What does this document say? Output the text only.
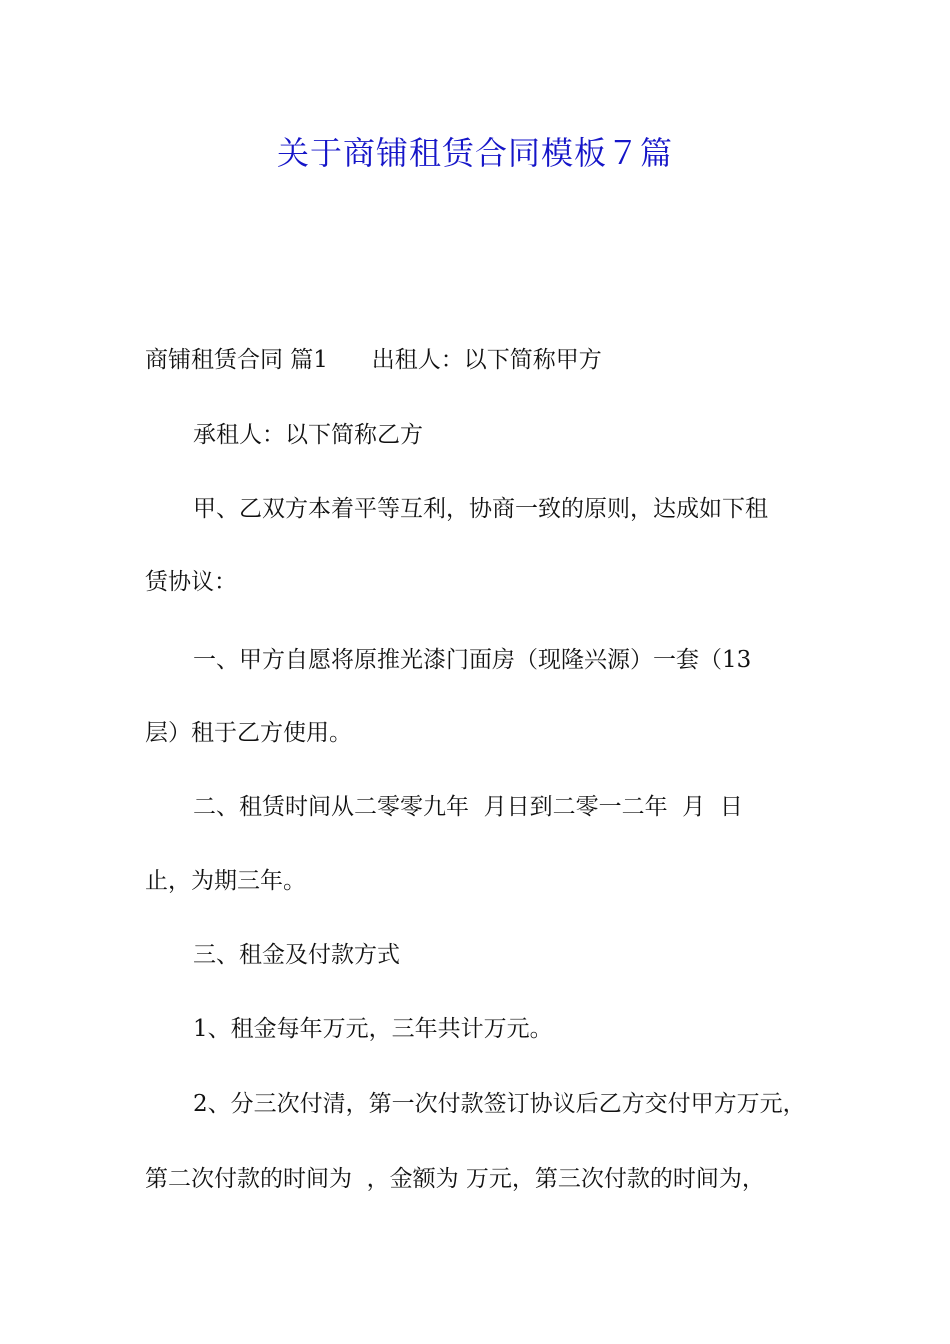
关于商铺租赁合同模板７篇

商铺租赁合同 篇1      出租人：以下简称甲方

承租人：以下简称乙方

甲、乙双方本着平等互利，协商一致的原则，达成如下租

赁协议：

一、甲方自愿将原推光漆门面房（现隆兴源）一套（13

层）租于乙方使用。

二、租赁时间从二零零九年  月日到二零一二年  月  日

止，为期三年。

三、租金及付款方式

1、租金每年万元，三年共计万元。

2、分三次付清，第一次付款签订协议后乙方交付甲方万元，

第二次付款的时间为  ，金额为 万元，第三次付款的时间为，
